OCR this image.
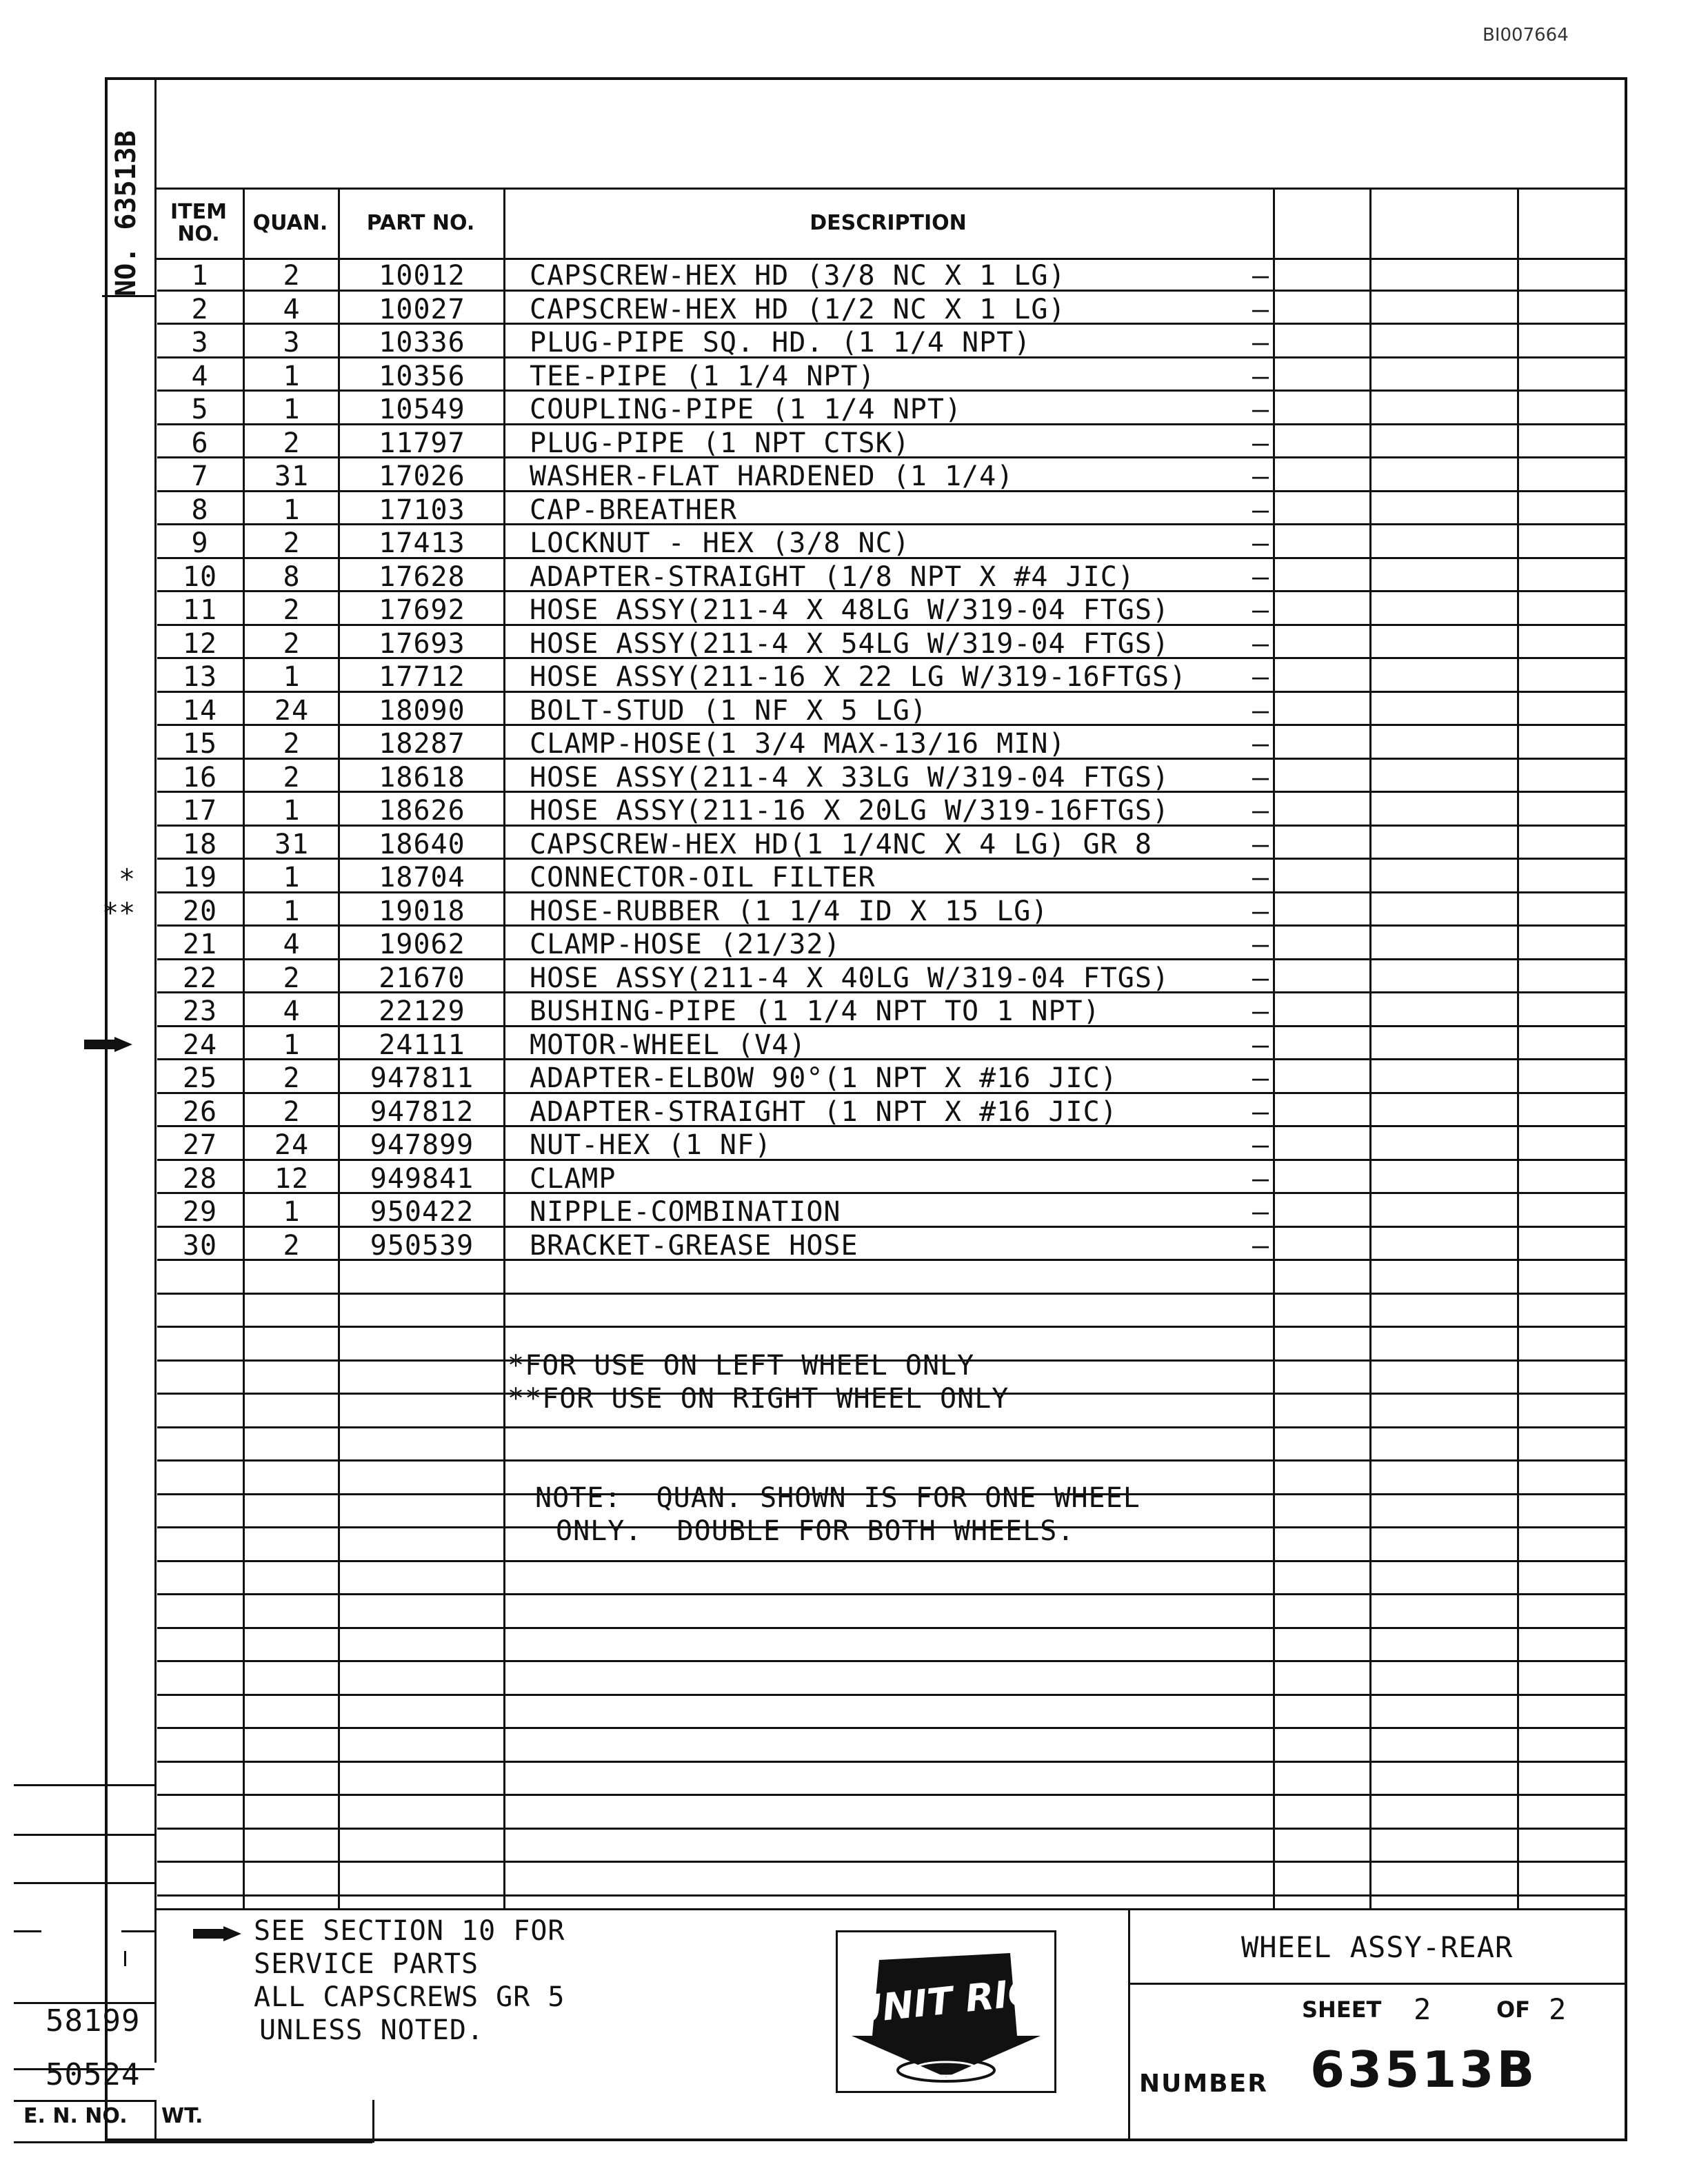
BI007664
NO. 63513B	ITEM NO.	QUAN.	PART NO.	DESCRIPTION
1	2	10012	CAPSCREW-HEX HD (3/8 NC X 1 LG)	–
2	4	10027	CAPSCREW-HEX HD (1/2 NC X 1 LG)	–
3	3	10336	PLUG-PIPE SQ. HD. (1 1/4 NPT)	–
4	1	10356	TEE-PIPE (1 1/4 NPT)	–
5	1	10549	COUPLING-PIPE (1 1/4 NPT)	–
6	2	11797	PLUG-PIPE (1 NPT CTSK)	–
7	31	17026	WASHER-FLAT HARDENED (1 1/4)	–
8	1	17103	CAP-BREATHER	–
9	2	17413	LOCKNUT - HEX (3/8 NC)	–
10	8	17628	ADAPTER-STRAIGHT (1/8 NPT X #4 JIC)	–
11	2	17692	HOSE ASSY(211-4 X 48LG W/319-04 FTGS)	–
12	2	17693	HOSE ASSY(211-4 X 54LG W/319-04 FTGS)	–
13	1	17712	HOSE ASSY(211-16 X 22 LG W/319-16FTGS)	–
14	24	18090	BOLT-STUD (1 NF X 5 LG)	–
15	2	18287	CLAMP-HOSE(1 3/4 MAX-13/16 MIN)	–
16	2	18618	HOSE ASSY(211-4 X 33LG W/319-04 FTGS)	–
17	1	18626	HOSE ASSY(211-16 X 20LG W/319-16FTGS)	–
18	31	18640	CAPSCREW-HEX HD(1 1/4NC X 4 LG) GR 8	–
19	1	18704	CONNECTOR-OIL FILTER	–
20	1	19018	HOSE-RUBBER (1 1/4 ID X 15 LG)	–
21	4	19062	CLAMP-HOSE (21/32)	–
22	2	21670	HOSE ASSY(211-4 X 40LG W/319-04 FTGS)	–
23	4	22129	BUSHING-PIPE (1 1/4 NPT TO 1 NPT)	–
24	1	24111	MOTOR-WHEEL (V4)	–
25	2	947811	ADAPTER-ELBOW 90°(1 NPT X #16 JIC)	–
26	2	947812	ADAPTER-STRAIGHT (1 NPT X #16 JIC)	–
27	24	947899	NUT-HEX (1 NF)	–
28	12	949841	CLAMP	–
29	1	950422	NIPPLE-COMBINATION	–
30	2	950539	BRACKET-GREASE HOSE	–
*FOR USE ON LEFT WHEEL ONLY
**FOR USE ON RIGHT WHEEL ONLY
NOTE:  QUAN. SHOWN IS FOR ONE WHEEL
ONLY.  DOUBLE FOR BOTH WHEELS.
58199
50524
E. N. NO. WT.
SEE SECTION 10 FOR
SERVICE PARTS
ALL CAPSCREWS GR 5
UNLESS NOTED.	UNIT RIG
WHEEL ASSY-REAR
SHEET 2	OF 2
NUMBER 63513B
*
**
